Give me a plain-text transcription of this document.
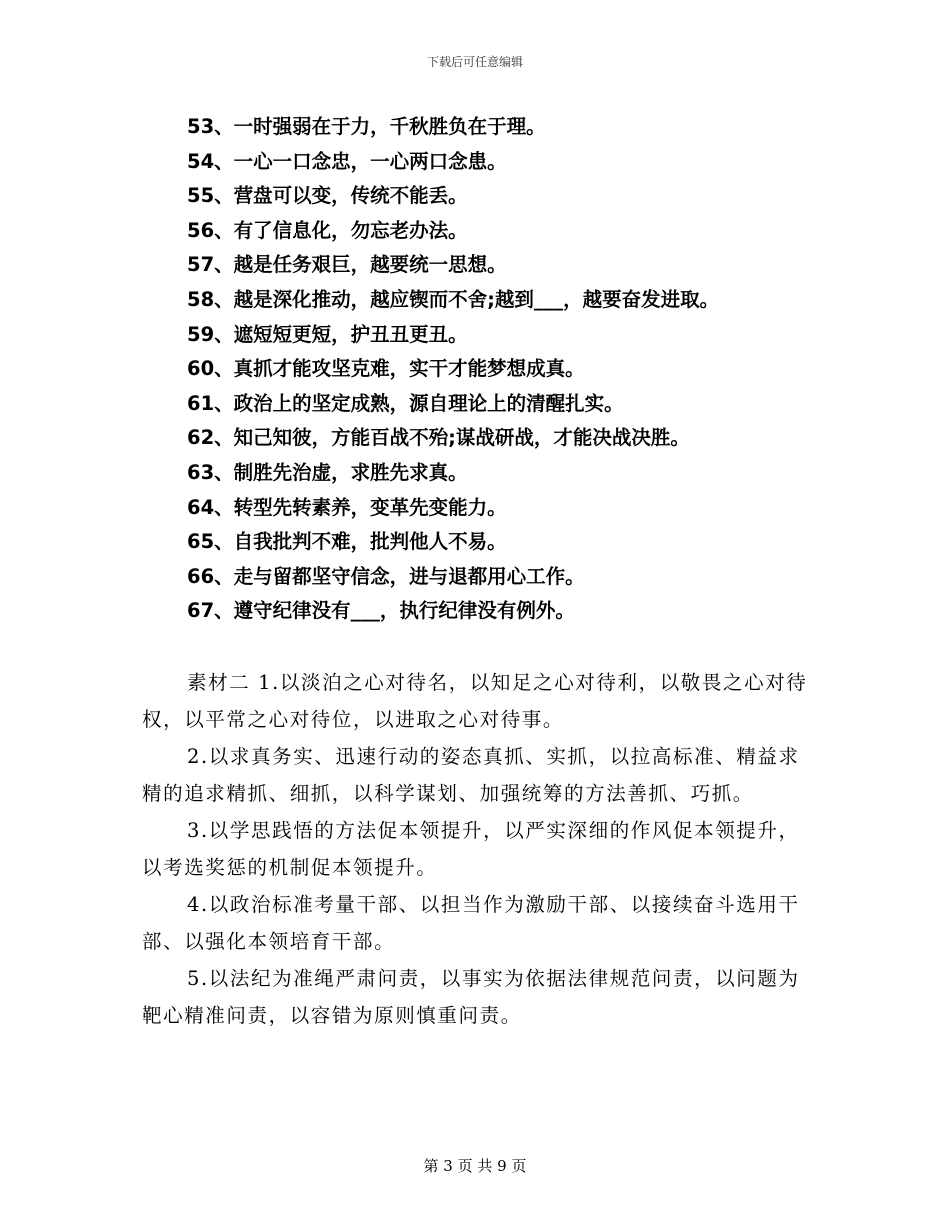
下载后可任意编辑
53、一时强弱在于力，千秋胜负在于理。
54、一心一口念忠，一心两口念患。
55、营盘可以变，传统不能丢。
56、有了信息化，勿忘老办法。
57、越是任务艰巨，越要统一思想。
58、越是深化推动，越应锲而不舍;越到___，越要奋发进取。
59、遮短短更短，护丑丑更丑。
60、真抓才能攻坚克难，实干才能梦想成真。
61、政治上的坚定成熟，源自理论上的清醒扎实。
62、知己知彼，方能百战不殆;谋战研战，才能决战决胜。
63、制胜先治虚，求胜先求真。
64、转型先转素养，变革先变能力。
65、自我批判不难，批判他人不易。
66、走与留都坚守信念，进与退都用心工作。
67、遵守纪律没有___，执行纪律没有例外。

素材二 1.以淡泊之心对待名，以知足之心对待利，以敬畏之心对待权，以平常之心对待位，以进取之心对待事。

2.以求真务实、迅速行动的姿态真抓、实抓，以拉高标准、精益求精的追求精抓、细抓，以科学谋划、加强统筹的方法善抓、巧抓。

3.以学思践悟的方法促本领提升，以严实深细的作风促本领提升，以考选奖惩的机制促本领提升。

4.以政治标准考量干部、以担当作为激励干部、以接续奋斗选用干部、以强化本领培育干部。

5.以法纪为准绳严肃问责，以事实为依据法律规范问责，以问题为靶心精准问责，以容错为原则慎重问责。

第 3 页 共 9 页
